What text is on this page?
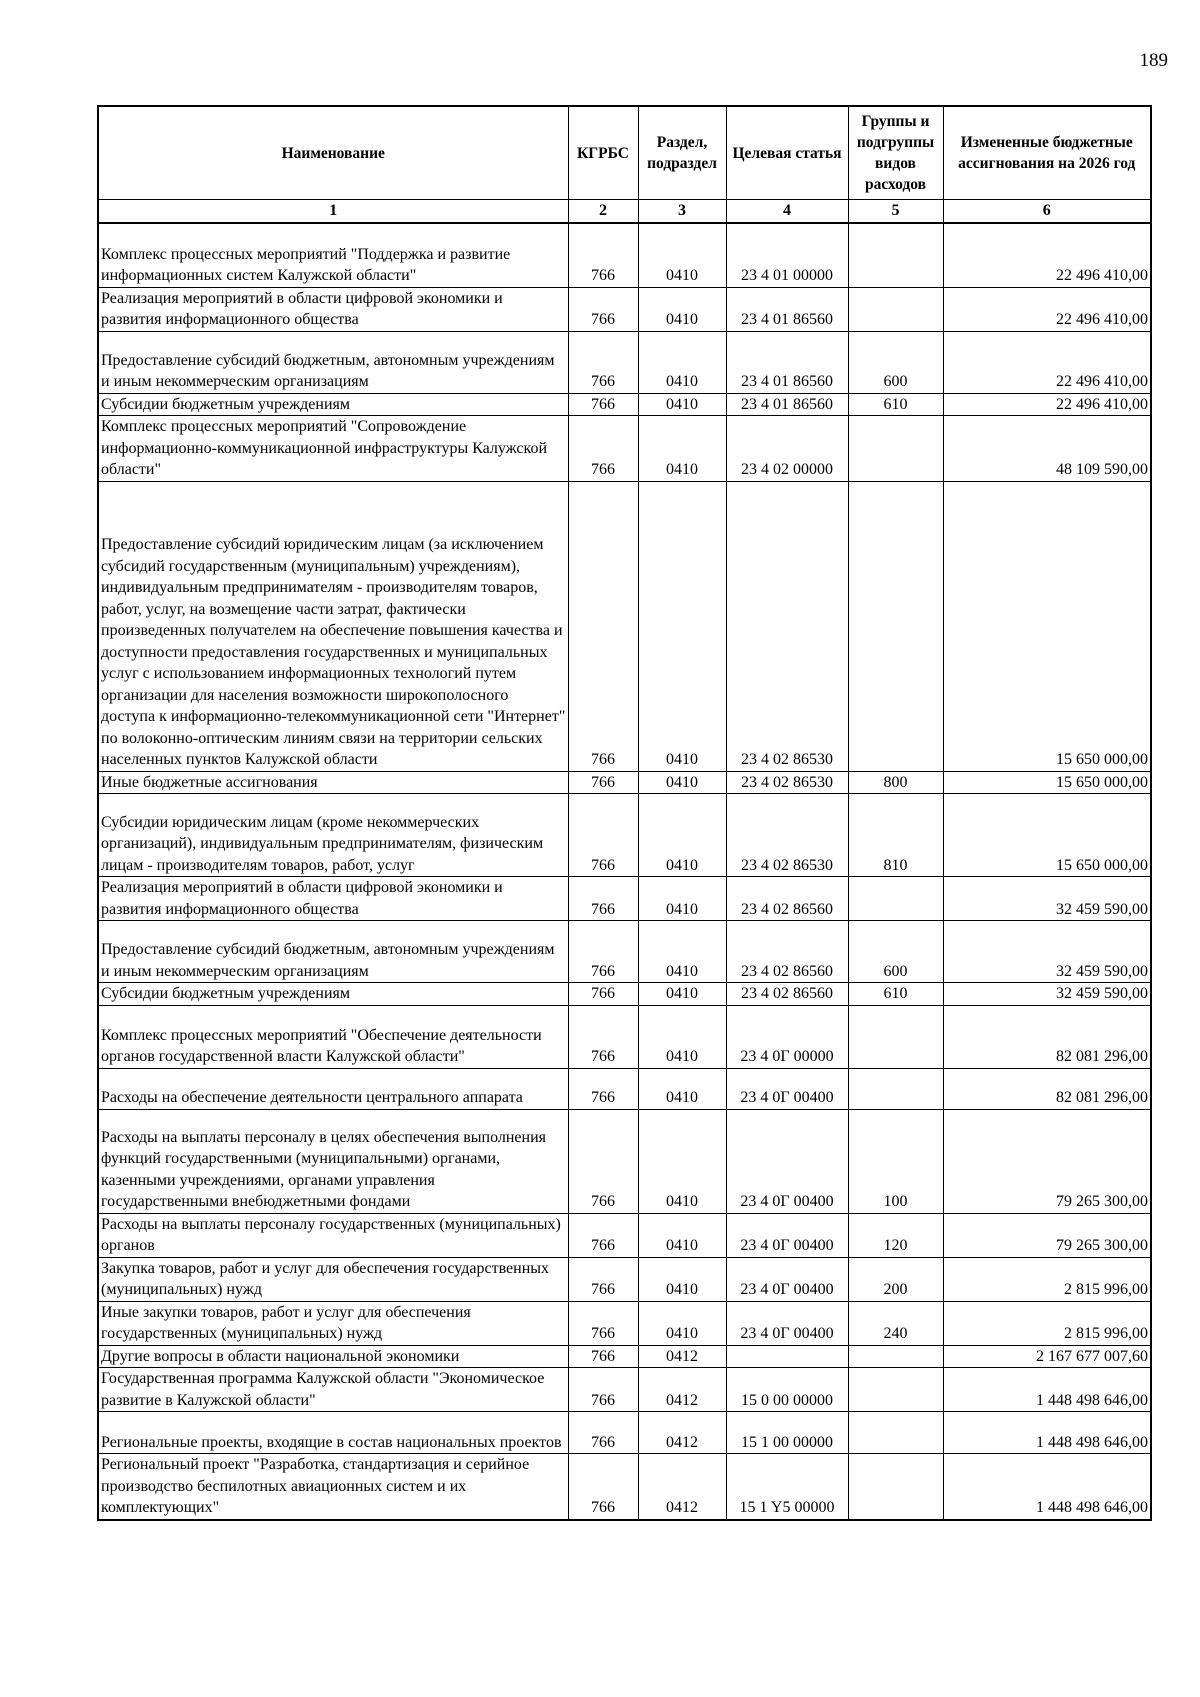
189
Наименование	КГРБС	Раздел, подраздел	Целевая статья	Группы и подгруппы видов расходов	Измененные бюджетные ассигнования на 2026 год
1	2	3	4	5	6
Комплекс процессных мероприятий "Поддержка и развитие информационных систем Калужской области"	766	0410	23 4 01 00000		22 496 410,00
Реализация мероприятий в области цифровой экономики и развития информационного общества	766	0410	23 4 01 86560		22 496 410,00
Предоставление субсидий бюджетным, автономным учреждениям и иным некоммерческим организациям	766	0410	23 4 01 86560	600	22 496 410,00
Субсидии бюджетным учреждениям	766	0410	23 4 01 86560	610	22 496 410,00
Комплекс процессных мероприятий "Сопровождение информационно-коммуникационной инфраструктуры Калужской области"	766	0410	23 4 02 00000		48 109 590,00
Предоставление субсидий юридическим лицам (за исключением субсидий государственным (муниципальным) учреждениям), индивидуальным предпринимателям - производителям товаров, работ, услуг, на возмещение части затрат, фактически произведенных получателем на обеспечение повышения качества и доступности предоставления государственных и муниципальных услуг с использованием информационных технологий путем организации для населения возможности широкополосного доступа к информационно-телекоммуникационной сети "Интернет" по волоконно-оптическим линиям связи на территории сельских населенных пунктов Калужской области	766	0410	23 4 02 86530		15 650 000,00
Иные бюджетные ассигнования	766	0410	23 4 02 86530	800	15 650 000,00
Субсидии юридическим лицам (кроме некоммерческих организаций), индивидуальным предпринимателям, физическим лицам - производителям товаров, работ, услуг	766	0410	23 4 02 86530	810	15 650 000,00
Реализация мероприятий в области цифровой экономики и развития информационного общества	766	0410	23 4 02 86560		32 459 590,00
Предоставление субсидий бюджетным, автономным учреждениям и иным некоммерческим организациям	766	0410	23 4 02 86560	600	32 459 590,00
Субсидии бюджетным учреждениям	766	0410	23 4 02 86560	610	32 459 590,00
Комплекс процессных мероприятий "Обеспечение деятельности органов государственной власти Калужской области"	766	0410	23 4 0Г 00000		82 081 296,00
Расходы на обеспечение деятельности центрального аппарата	766	0410	23 4 0Г 00400		82 081 296,00
Расходы на выплаты персоналу в целях обеспечения выполнения функций государственными (муниципальными) органами, казенными учреждениями, органами управления государственными внебюджетными фондами	766	0410	23 4 0Г 00400	100	79 265 300,00
Расходы на выплаты персоналу государственных (муниципальных) органов	766	0410	23 4 0Г 00400	120	79 265 300,00
Закупка товаров, работ и услуг для обеспечения государственных (муниципальных) нужд	766	0410	23 4 0Г 00400	200	2 815 996,00
Иные закупки товаров, работ и услуг для обеспечения государственных (муниципальных) нужд	766	0410	23 4 0Г 00400	240	2 815 996,00
Другие вопросы в области национальной экономики	766	0412			2 167 677 007,60
Государственная программа Калужской области "Экономическое развитие в Калужской области"	766	0412	15 0 00 00000		1 448 498 646,00
Региональные проекты, входящие в состав национальных проектов	766	0412	15 1 00 00000		1 448 498 646,00
Региональный проект "Разработка, стандартизация и серийное производство беспилотных авиационных систем и их комплектующих"	766	0412	15 1 Y5 00000		1 448 498 646,00
